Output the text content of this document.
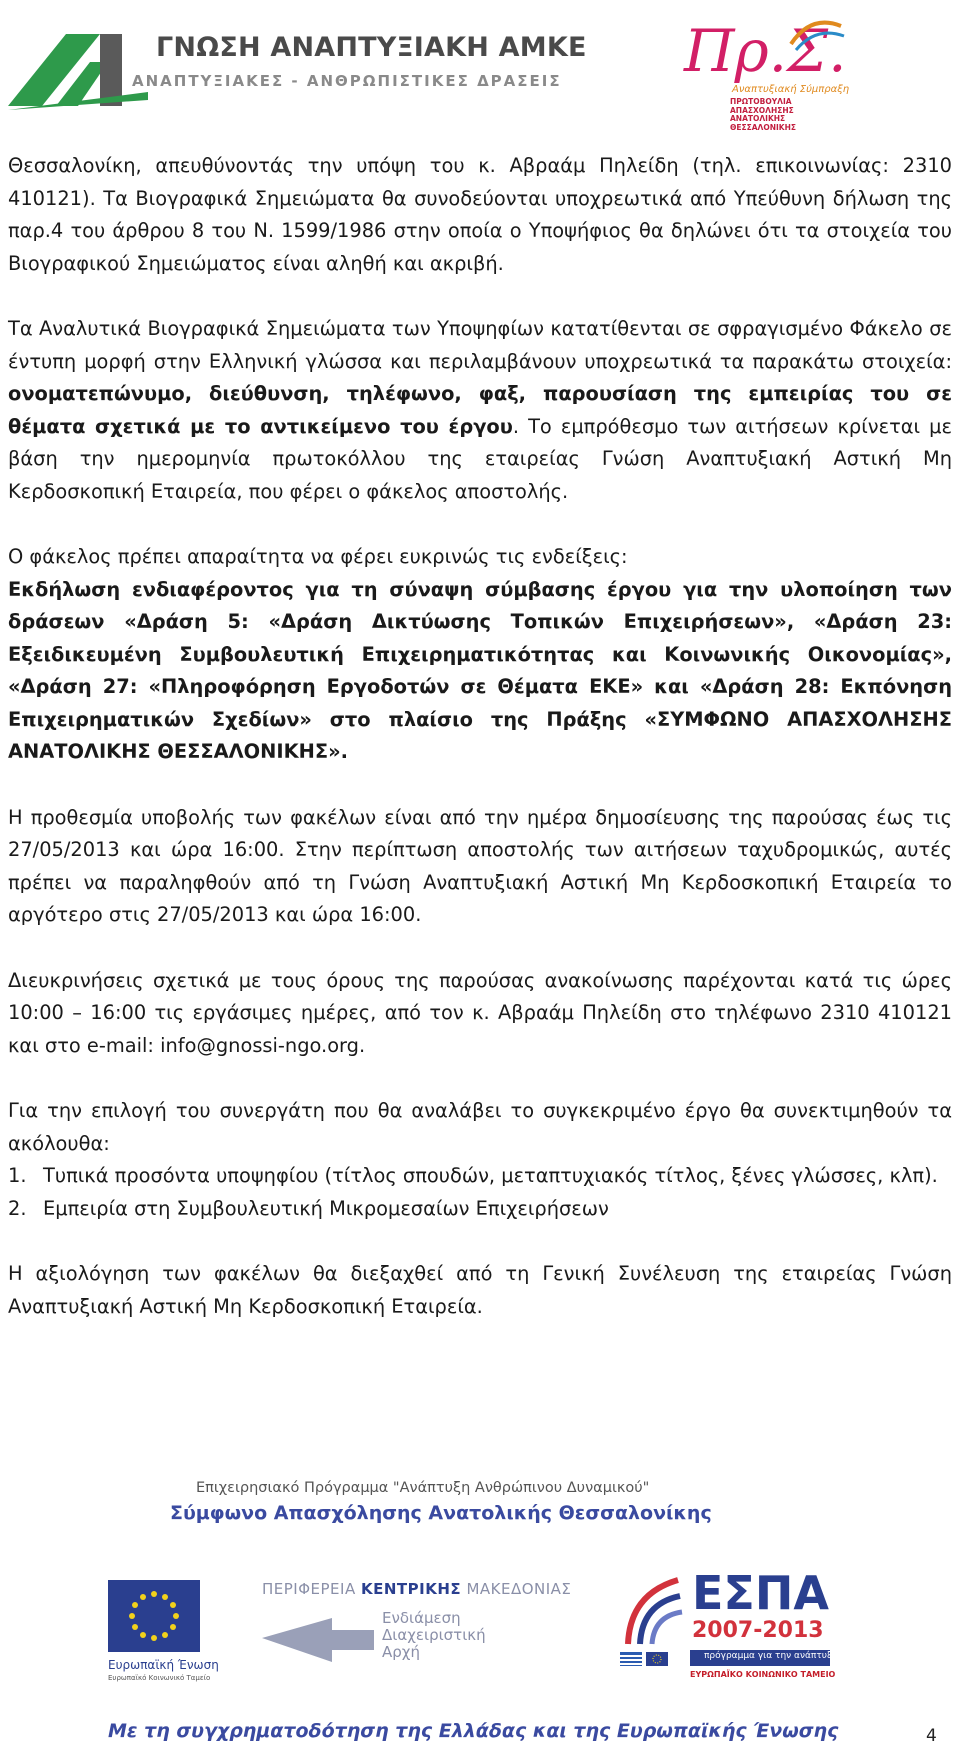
ΓΝΩΣΗ ΑΝΑΠΤΥΞΙΑΚΗ ΑΜΚΕ
ΑΝΑΠΤΥΞΙΑΚΕΣ - ΑΝΘΡΩΠΙΣΤΙΚΕΣ ΔΡΑΣΕΙΣ Πρ.Σ.
Αναπτυξιακή Σύμπραξη
ΠΡΩΤΟΒΟΥΛΙΑ ΑΠΑΣΧΟΛΗΣΗΣ ΑΝΑΤΟΛΙΚΗΣ ΘΕΣΣΑΛΟΝΙΚΗΣ

Θεσσαλονίκη, απευθύνοντάς την υπόψη του κ. Αβραάμ Πηλείδη (τηλ. επικοινωνίας: 2310 410121). Τα Βιογραφικά Σημειώματα θα συνοδεύονται υποχρεωτικά από Υπεύθυνη δήλωση της παρ.4 του άρθρου 8 του Ν. 1599/1986 στην οποία ο Υποψήφιος θα δηλώνει ότι τα στοιχεία του Βιογραφικού Σημειώματος είναι αληθή και ακριβή.

Τα Αναλυτικά Βιογραφικά Σημειώματα των Υποψηφίων κατατίθενται σε σφραγισμένο Φάκελο σε έντυπη μορφή στην Ελληνική γλώσσα και περιλαμβάνουν υποχρεωτικά τα παρακάτω στοιχεία: ονοματεπώνυμο, διεύθυνση, τηλέφωνο, φαξ, παρουσίαση της εμπειρίας του σε θέματα σχετικά με το αντικείμενο του έργου. Το εμπρόθεσμο των αιτήσεων κρίνεται με βάση την ημερομηνία πρωτοκόλλου της εταιρείας Γνώση Αναπτυξιακή Αστική Μη Κερδοσκοπική Εταιρεία, που φέρει ο φάκελος αποστολής.

Ο φάκελος πρέπει απαραίτητα να φέρει ευκρινώς τις ενδείξεις:

Εκδήλωση ενδιαφέροντος για τη σύναψη σύμβασης έργου για την υλοποίηση των δράσεων «Δράση 5: «Δράση Δικτύωσης Τοπικών Επιχειρήσεων», «Δράση 23: Εξειδικευμένη Συμβουλευτική Επιχειρηματικότητας και Κοινωνικής Οικονομίας», «Δράση 27: «Πληροφόρηση Εργοδοτών σε Θέματα ΕΚΕ» και «Δράση 28: Εκπόνηση Επιχειρηματικών Σχεδίων» στο πλαίσιο της Πράξης «ΣΥΜΦΩΝΟ ΑΠΑΣΧΟΛΗΣΗΣ ΑΝΑΤΟΛΙΚΗΣ ΘΕΣΣΑΛΟΝΙΚΗΣ».

Η προθεσμία υποβολής των φακέλων είναι από την ημέρα δημοσίευσης της παρούσας έως τις 27/05/2013 και ώρα 16:00. Στην περίπτωση αποστολής των αιτήσεων ταχυδρομικώς, αυτές πρέπει να παραληφθούν από τη Γνώση Αναπτυξιακή Αστική Μη Κερδοσκοπική Εταιρεία το αργότερο στις 27/05/2013 και ώρα 16:00.

Διευκρινήσεις σχετικά με τους όρους της παρούσας ανακοίνωσης παρέχονται κατά τις ώρες 10:00 – 16:00 τις εργάσιμες ημέρες, από τον κ. Αβραάμ Πηλείδη στο τηλέφωνο 2310 410121 και στο e-mail: info@gnossi-ngo.org.

Για την επιλογή του συνεργάτη που θα αναλάβει το συγκεκριμένο έργο θα συνεκτιμηθούν τα ακόλουθα:

1. Τυπικά προσόντα υποψηφίου (τίτλος σπουδών, μεταπτυχιακός τίτλος, ξένες γλώσσες, κλπ).
2. Εμπειρία στη Συμβουλευτική Μικρομεσαίων Επιχειρήσεων

Η αξιολόγηση των φακέλων θα διεξαχθεί από τη Γενική Συνέλευση της εταιρείας Γνώση Αναπτυξιακή Αστική Μη Κερδοσκοπική Εταιρεία.

Επιχειρησιακό Πρόγραμμα "Ανάπτυξη Ανθρώπινου Δυναμικού"
Σύμφωνο Απασχόλησης Ανατολικής Θεσσαλονίκης
Ευρωπαϊκή Ένωση
Ευρωπαϊκό Κοινωνικό Ταμείο
ΠΕΡΙΦΕΡΕΙΑ ΚΕΝΤΡΙΚΗΣ ΜΑΚΕΔΟΝΙΑΣ
Ενδιάμεση
Διαχειριστική
Αρχή
ΕΣΠΑ
2007-2013
πρόγραμμα για την ανάπτυξη
ΕΥΡΩΠΑΪΚΟ ΚΟΙΝΩΝΙΚΟ ΤΑΜΕΙΟ
Με τη συγχρηματοδότηση της Ελλάδας και της Ευρωπαϊκής Ένωσης	4
